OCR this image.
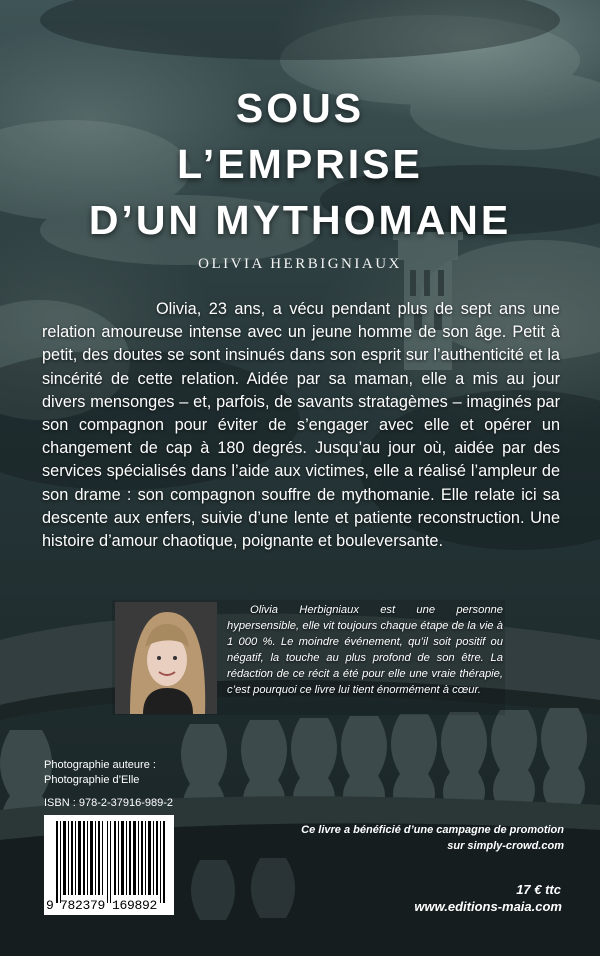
SOUS
L’EMPRISE
D’UN MYTHOMANE
OLIVIA HERBIGNIAUX

Olivia, 23 ans, a vécu pendant plus de sept ans une relation amoureuse intense avec un jeune homme de son âge. Petit à petit, des doutes se sont insinués dans son esprit sur l’authenticité et la sincérité de cette relation. Aidée par sa maman, elle a mis au jour divers mensonges – et, parfois, de savants stratagèmes – imaginés par son compagnon pour éviter de s’engager avec elle et opérer un changement de cap à 180 degrés. Jusqu’au jour où, aidée par des services spécialisés dans l’aide aux victimes, elle a réalisé l’ampleur de son drame : son compagnon souffre de mythomanie. Elle relate ici sa descente aux enfers, suivie d’une lente et patiente reconstruction. Une histoire d’amour chaotique, poignante et bouleversante.

Olivia Herbigniaux est une personne hypersensible, elle vit toujours chaque étape de la vie à 1 000 %. Le moindre événement, qu’il soit positif ou négatif, la touche au plus profond de son être. La rédaction de ce récit a été pour elle une vraie thérapie, c’est pourquoi ce livre lui tient énormément à cœur.

Photographie auteure :
Photographie d’Elle
ISBN : 978-2-37916-989-2
9 782379 169892
Ce livre a bénéficié d’une campagne de promotion
sur simply-crowd.com
17 € ttc
www.editions-maia.com
